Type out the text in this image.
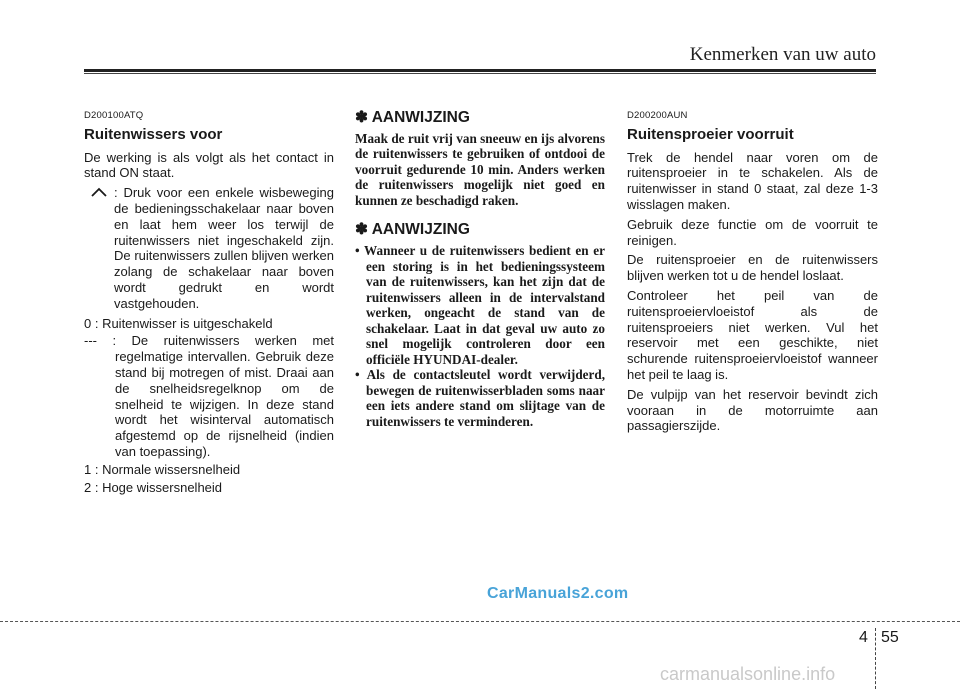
Kenmerken van uw auto
D200100ATQ
Ruitenwissers voor

De werking is als volgt als het contact in stand ON staat.

: Druk voor een enkele wisbeweging de bedieningsschakelaar naar boven en laat hem weer los terwijl de ruitenwissers niet ingeschakeld zijn. De ruitenwissers zullen blijven werken zolang de schakelaar naar boven wordt gedrukt en wordt vastgehouden.

0 : Ruitenwisser is uitgeschakeld

--- : De ruitenwissers werken met regelmatige intervallen. Gebruik deze stand bij motregen of mist. Draai aan de snelheidsregelknop om de snelheid te wijzigen. In deze stand wordt het wisinterval automatisch afgestemd op de rijsnelheid (indien van toepassing).

1 : Normale wissersnelheid

2 : Hoge wissersnelheid

✽ AANWIJZING

Maak de ruit vrij van sneeuw en ijs alvorens de ruitenwissers te gebruiken of ontdooi de voorruit gedurende 10 min. Anders werken de ruitenwissers mogelijk niet goed en kunnen ze beschadigd raken.

✽ AANWIJZING

• Wanneer u de ruitenwissers bedient en er een storing is in het bedieningssysteem van de ruitenwissers, kan het zijn dat de ruitenwissers alleen in de intervalstand werken, ongeacht de stand van de schakelaar. Laat in dat geval uw auto zo snel mogelijk controleren door een officiële HYUNDAI-dealer.

• Als de contactsleutel wordt verwijderd, bewegen de ruitenwisserbladen soms naar een iets andere stand om slijtage van de ruitenwissers te verminderen.

D200200AUN
Ruitensproeier voorruit

Trek de hendel naar voren om de ruitensproeier in te schakelen. Als de ruitenwisser in stand 0 staat, zal deze 1-3 wisslagen maken.

Gebruik deze functie om de voorruit te reinigen.

De ruitensproeier en de ruitenwissers blijven werken tot u de hendel loslaat.

Controleer het peil van de ruitensproeiervloeistof als de ruitensproeiers niet werken. Vul het reservoir met een geschikte, niet schurende ruitensproeiervloeistof wanneer het peil te laag is.

De vulpijp van het reservoir bevindt zich vooraan in de motorruimte aan passagierszijde.

CarManuals2.com
4 55
carmanualsonline.info
